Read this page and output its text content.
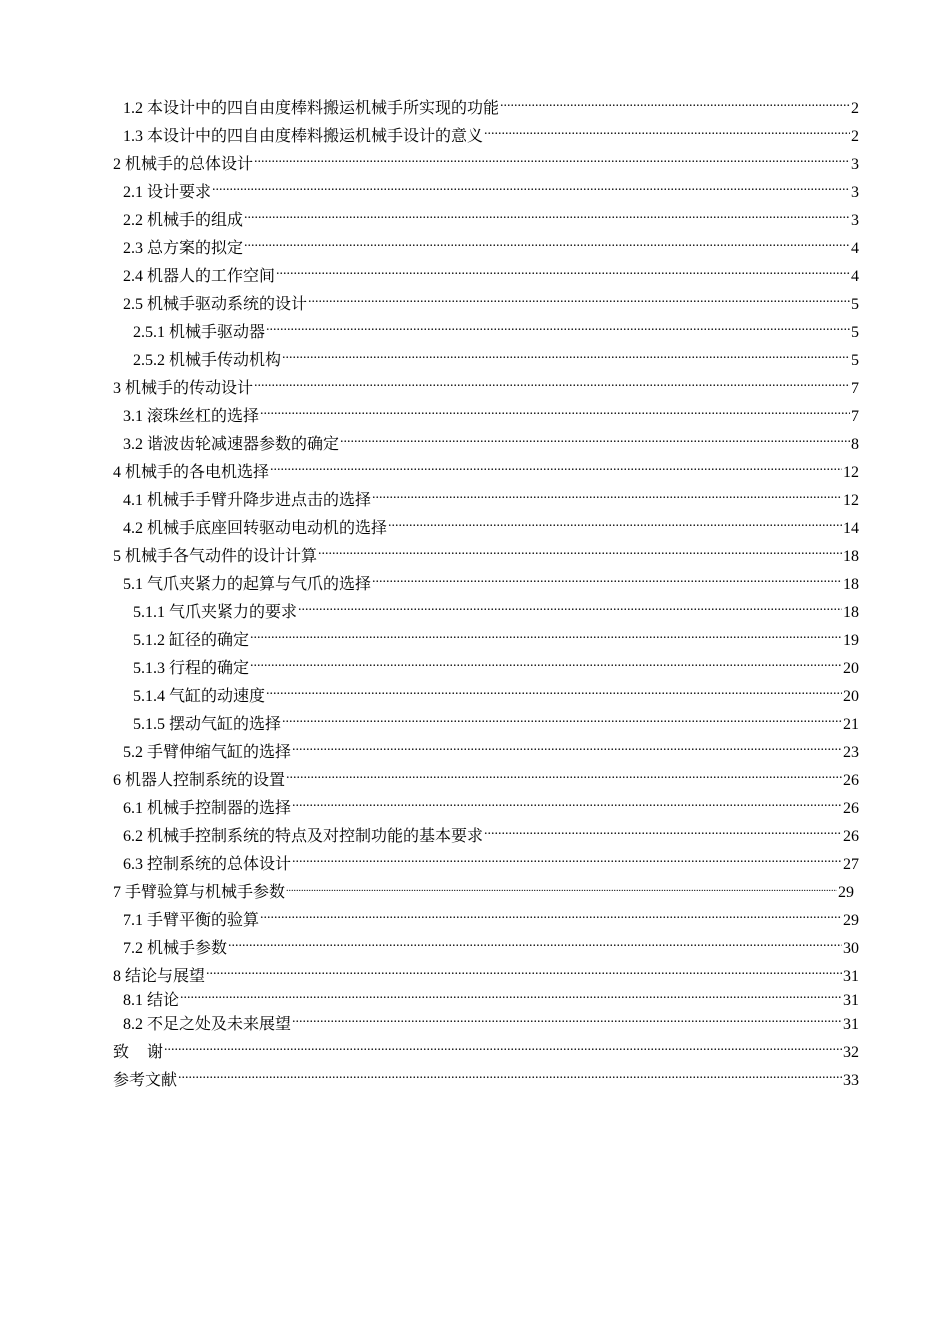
1.2 本设计中的四自由度棒料搬运机械手所实现的功能 .....	2
1.3 本设计中的四自由度棒料搬运机械手设计的意义 .....	2
2 机械手的总体设计 .....	3
2.1 设计要求 .....	3
2.2 机械手的组成 .....	3
2.3 总方案的拟定 .....	4
2.4 机器人的工作空间 .....	4
2.5 机械手驱动系统的设计 .....	5
2.5.1 机械手驱动器 .....	5
2.5.2 机械手传动机构 .....	5
3 机械手的传动设计 .....	7
3.1 滚珠丝杠的选择 .....	7
3.2 谐波齿轮减速器参数的确定 .....	8
4 机械手的各电机选择 .....	12
4.1 机械手手臂升降步进点击的选择 .....	12
4.2 机械手底座回转驱动电动机的选择 .....	14
5 机械手各气动件的设计计算 .....	18
5.1 气爪夹紧力的起算与气爪的选择 .....	18
5.1.1 气爪夹紧力的要求 .....	18
5.1.2 缸径的确定 .....	19
5.1.3 行程的确定 .....	20
5.1.4 气缸的动速度 .....	20
5.1.5 摆动气缸的选择 .....	21
5.2 手臂伸缩气缸的选择 .....	23
6 机器人控制系统的设置 .....	26
6.1 机械手控制器的选择 .....	26
6.2 机械手控制系统的特点及对控制功能的基本要求 .....	26
6.3 控制系统的总体设计 .....	27
7 手臂验算与机械手参数 .....	29
7.1 手臂平衡的验算 .....	29
7.2 机械手参数 .....	30
8 结论与展望 .....	31
8.1 结论 .....	31
8.2 不足之处及未来展望 .....	31
致 谢 .....	32
参考文献 .....	33
